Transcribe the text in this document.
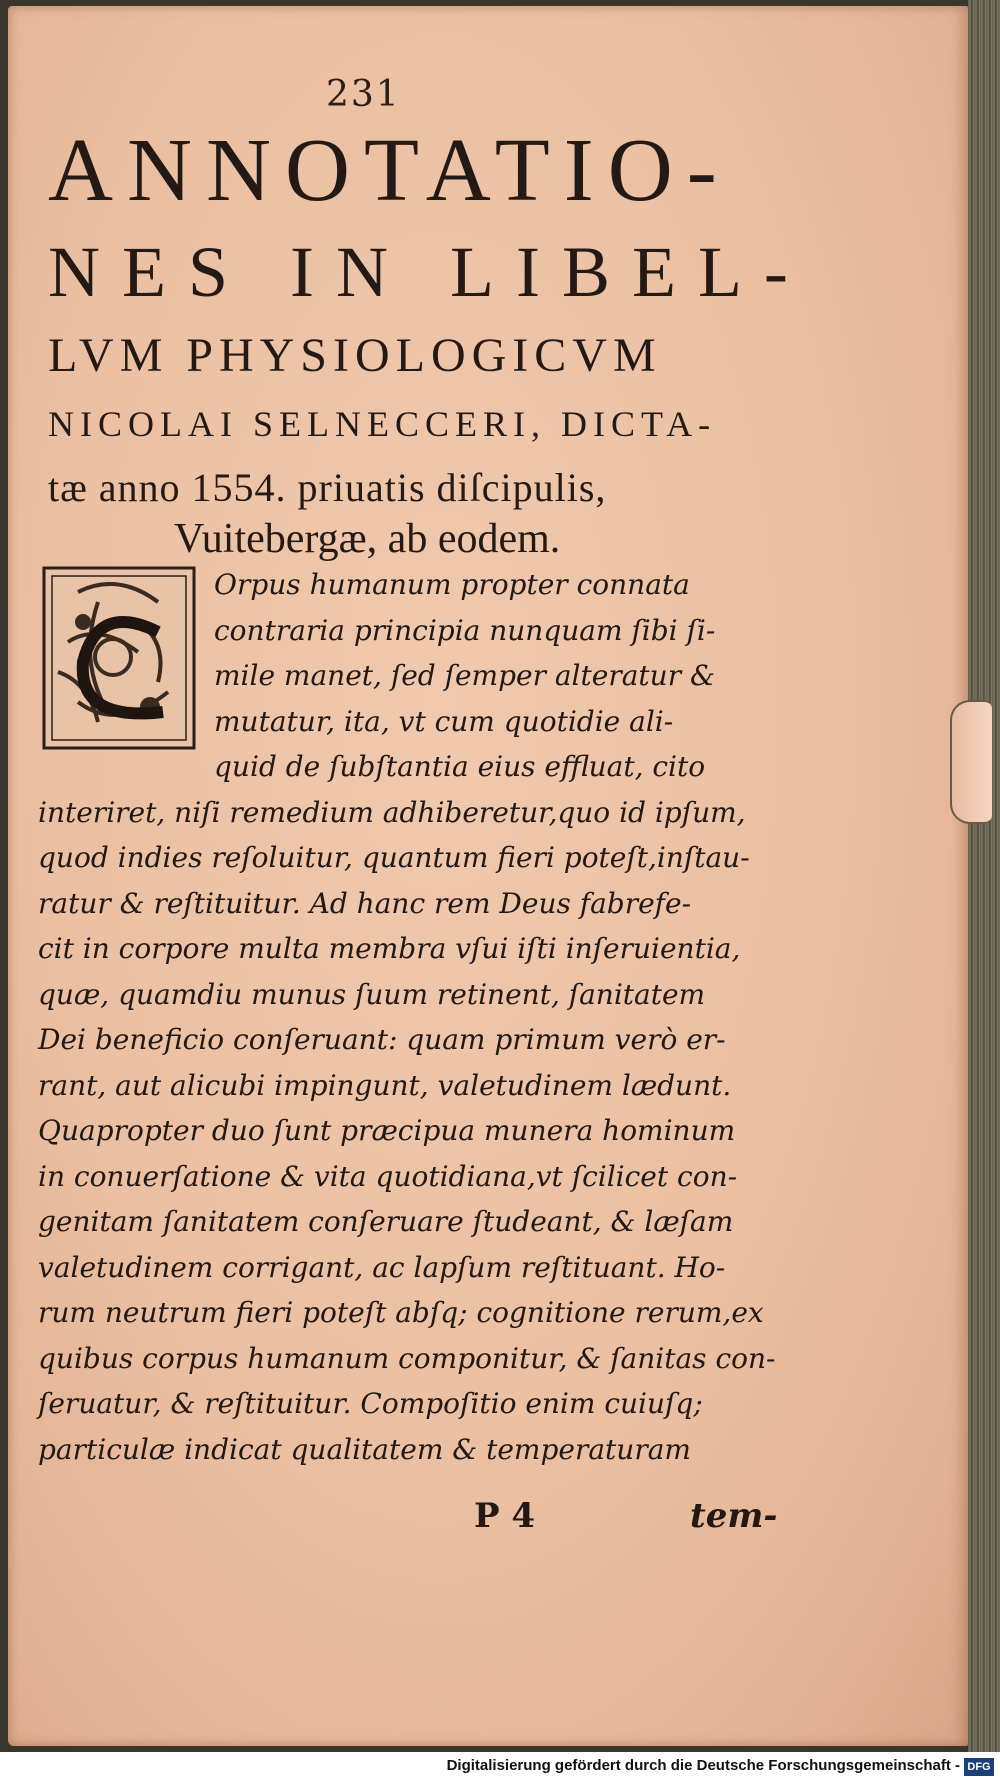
231
ANNOTATIO-
NES IN LIBEL-
LVM PHYSIOLOGICVM
NICOLAI SELNECCERI, DICTA-
tæ anno 1554. priuatis diſcipulis,
Vuitebergæ, ab eodem.
C
Orpus humanum propter connata
contraria principia nunquam ſibi ſi-
mile manet, ſed ſemper alteratur &
mutatur, ita, vt cum quotidie ali-
quid de ſubſtantia eius effluat, cito
interiret, niſi remedium adhiberetur,quo id ipſum,
quod indies reſoluitur, quantum fieri poteſt,inſtau-
ratur & reſtituitur. Ad hanc rem Deus fabrefe-
cit in corpore multa membra vſui iſti inſeruientia,
quæ, quamdiu munus ſuum retinent, ſanitatem
Dei beneficio conſeruant: quam primum verò er-
rant, aut alicubi impingunt, valetudinem lædunt.
Quapropter duo ſunt præcipua munera hominum
in conuerſatione & vita quotidiana,vt ſcilicet con-
genitam ſanitatem conſeruare ſtudeant, & læſam
valetudinem corrigant, ac lapſum reſtituant. Ho-
rum neutrum fieri poteſt abſq; cognitione rerum,ex
quibus corpus humanum componitur, & ſanitas con-
ſeruatur, & reſtituitur. Compoſitio enim cuiuſq;
particulæ indicat qualitatem & temperaturam
P 4	tem-
Digitalisierung gefördert durch die Deutsche Forschungsgemeinschaft - DFG
